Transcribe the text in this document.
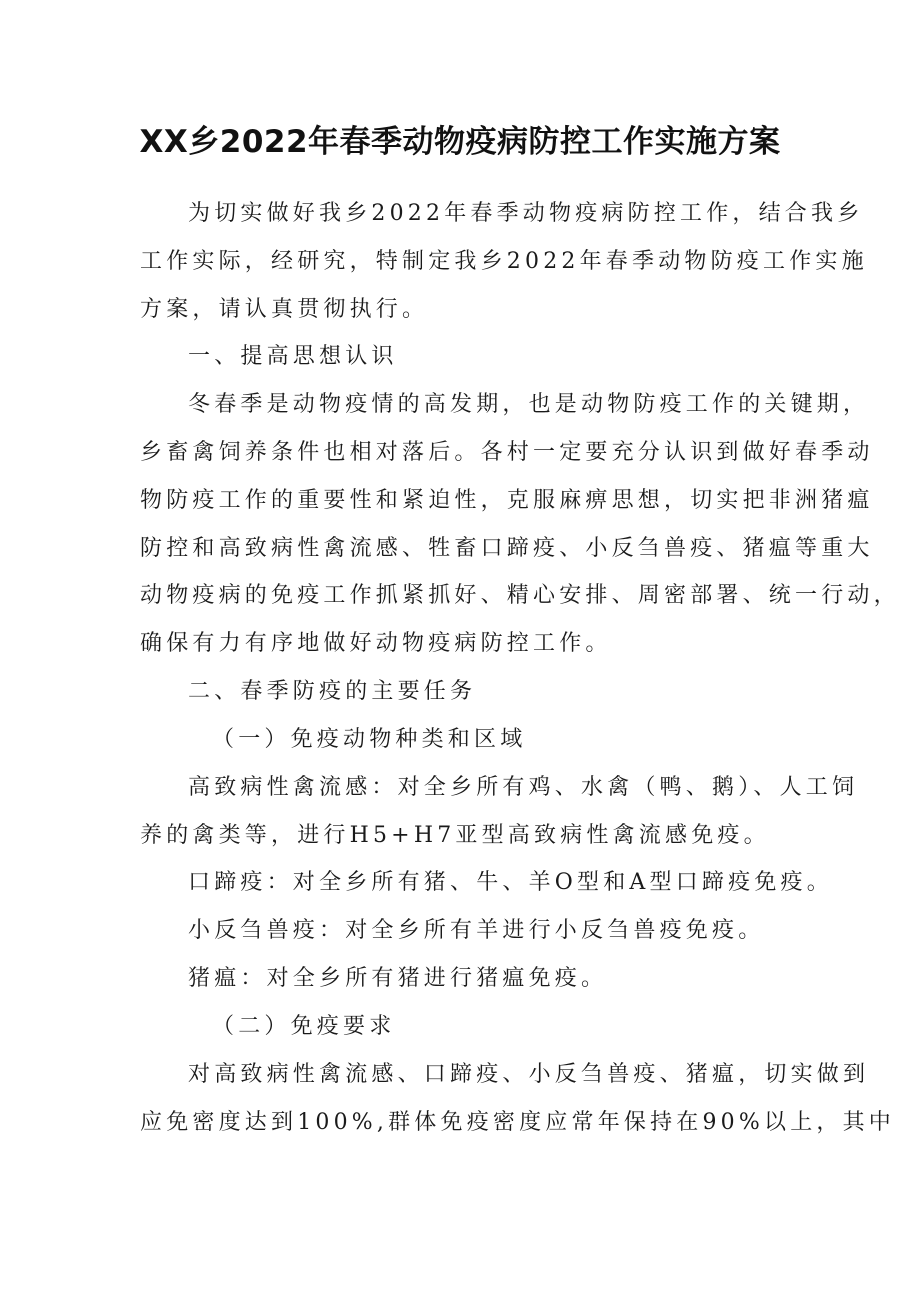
XX乡2022年春季动物疫病防控工作实施方案
为切实做好我乡2022年春季动物疫病防控工作，结合我乡
工作实际，经研究，特制定我乡2022年春季动物防疫工作实施
方案，请认真贯彻执行。
一、提高思想认识
冬春季是动物疫情的高发期，也是动物防疫工作的关键期，
乡畜禽饲养条件也相对落后。各村一定要充分认识到做好春季动
物防疫工作的重要性和紧迫性，克服麻痹思想，切实把非洲猪瘟
防控和高致病性禽流感、牲畜口蹄疫、小反刍兽疫、猪瘟等重大
动物疫病的免疫工作抓紧抓好、精心安排、周密部署、统一行动，
确保有力有序地做好动物疫病防控工作。
二、春季防疫的主要任务
（一）免疫动物种类和区域
高致病性禽流感：对全乡所有鸡、水禽（鸭、鹅）、人工饲
养的禽类等，进行H5+H7亚型高致病性禽流感免疫。
口蹄疫：对全乡所有猪、牛、羊O型和A型口蹄疫免疫。
小反刍兽疫：对全乡所有羊进行小反刍兽疫免疫。
猪瘟：对全乡所有猪进行猪瘟免疫。
（二）免疫要求
对高致病性禽流感、口蹄疫、小反刍兽疫、猪瘟，切实做到
应免密度达到100%,群体免疫密度应常年保持在90%以上，其中
